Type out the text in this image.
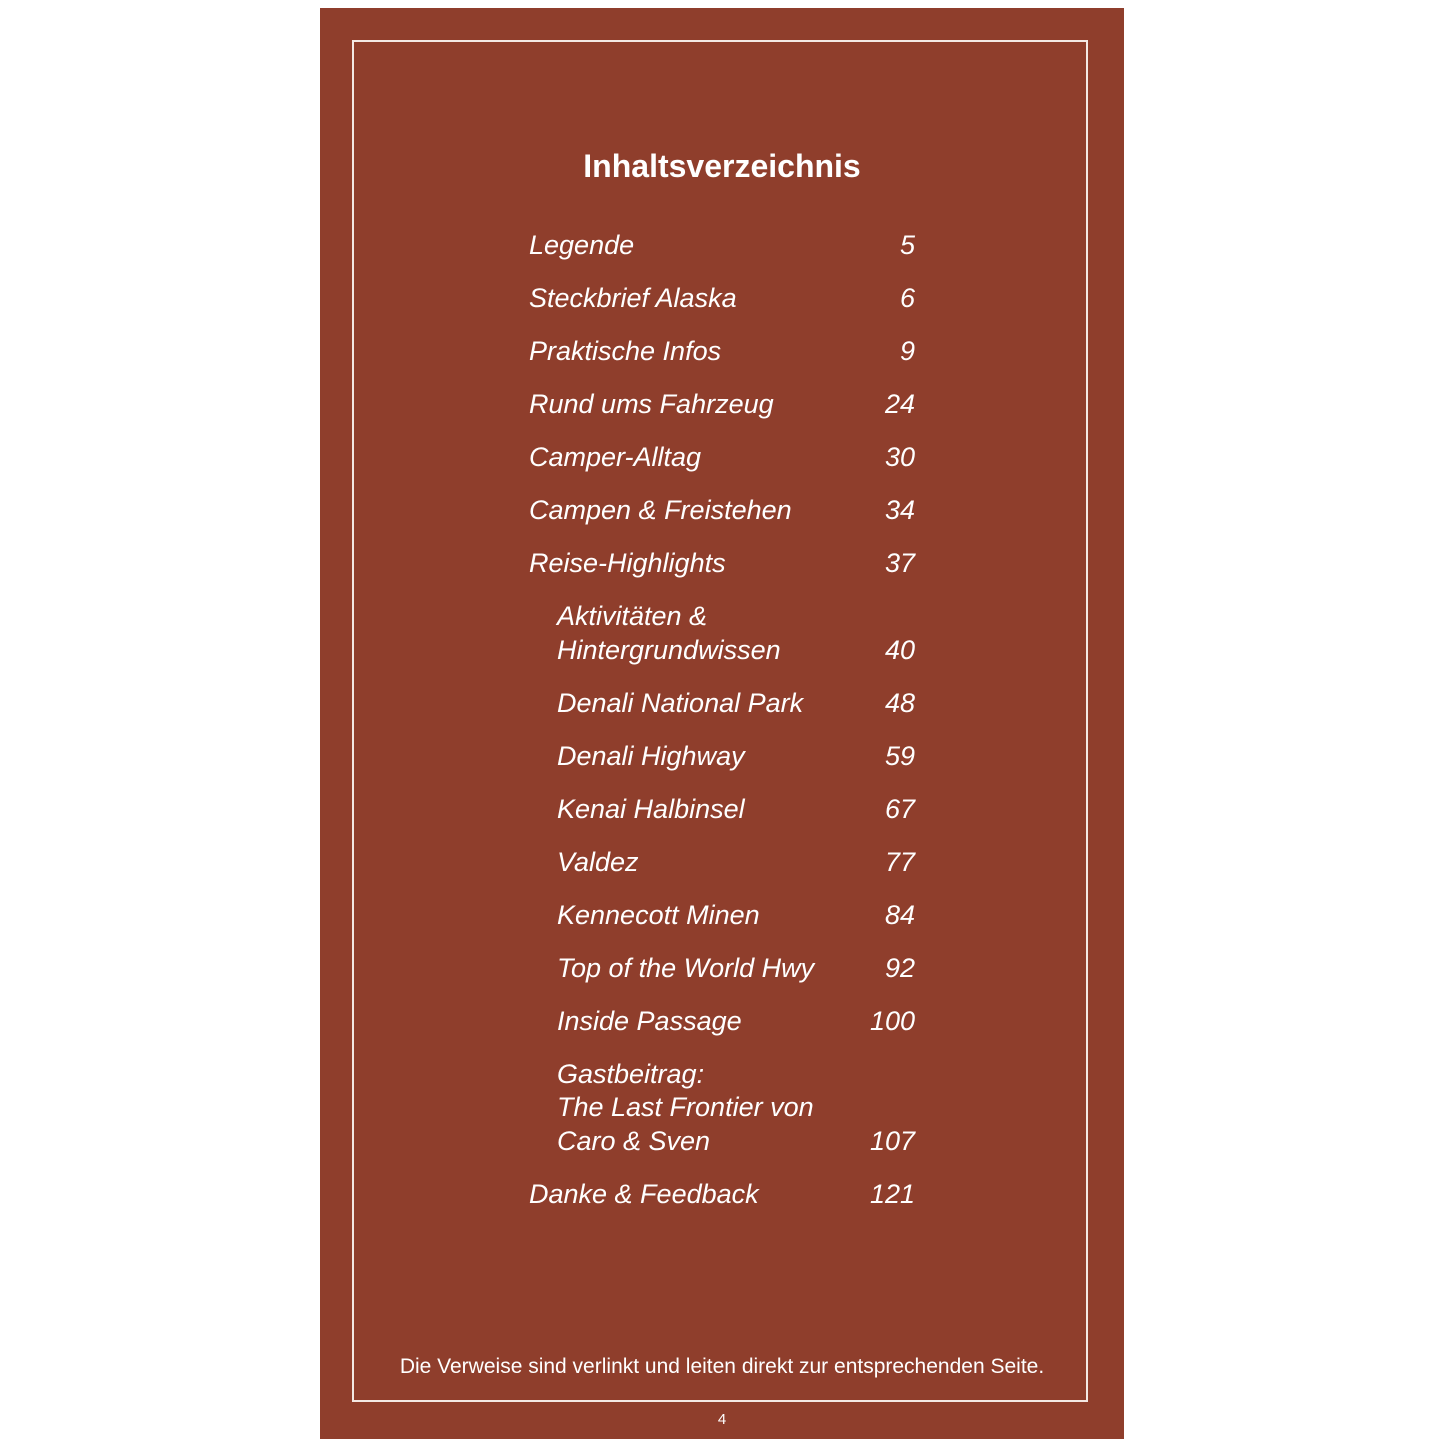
Inhaltsverzeichnis
Legende	5
Steckbrief Alaska	6
Praktische Infos	9
Rund ums Fahrzeug	24
Camper-Alltag	30
Campen & Freistehen	34
Reise-Highlights	37
Aktivitäten &
Hintergrundwissen	40
Denali National Park	48
Denali Highway	59
Kenai Halbinsel	67
Valdez	77
Kennecott Minen	84
Top of the World Hwy	92
Inside Passage	100
Gastbeitrag:
The Last Frontier von
Caro & Sven	107
Danke & Feedback	121
Die Verweise sind verlinkt und leiten direkt zur entsprechenden Seite.
4
